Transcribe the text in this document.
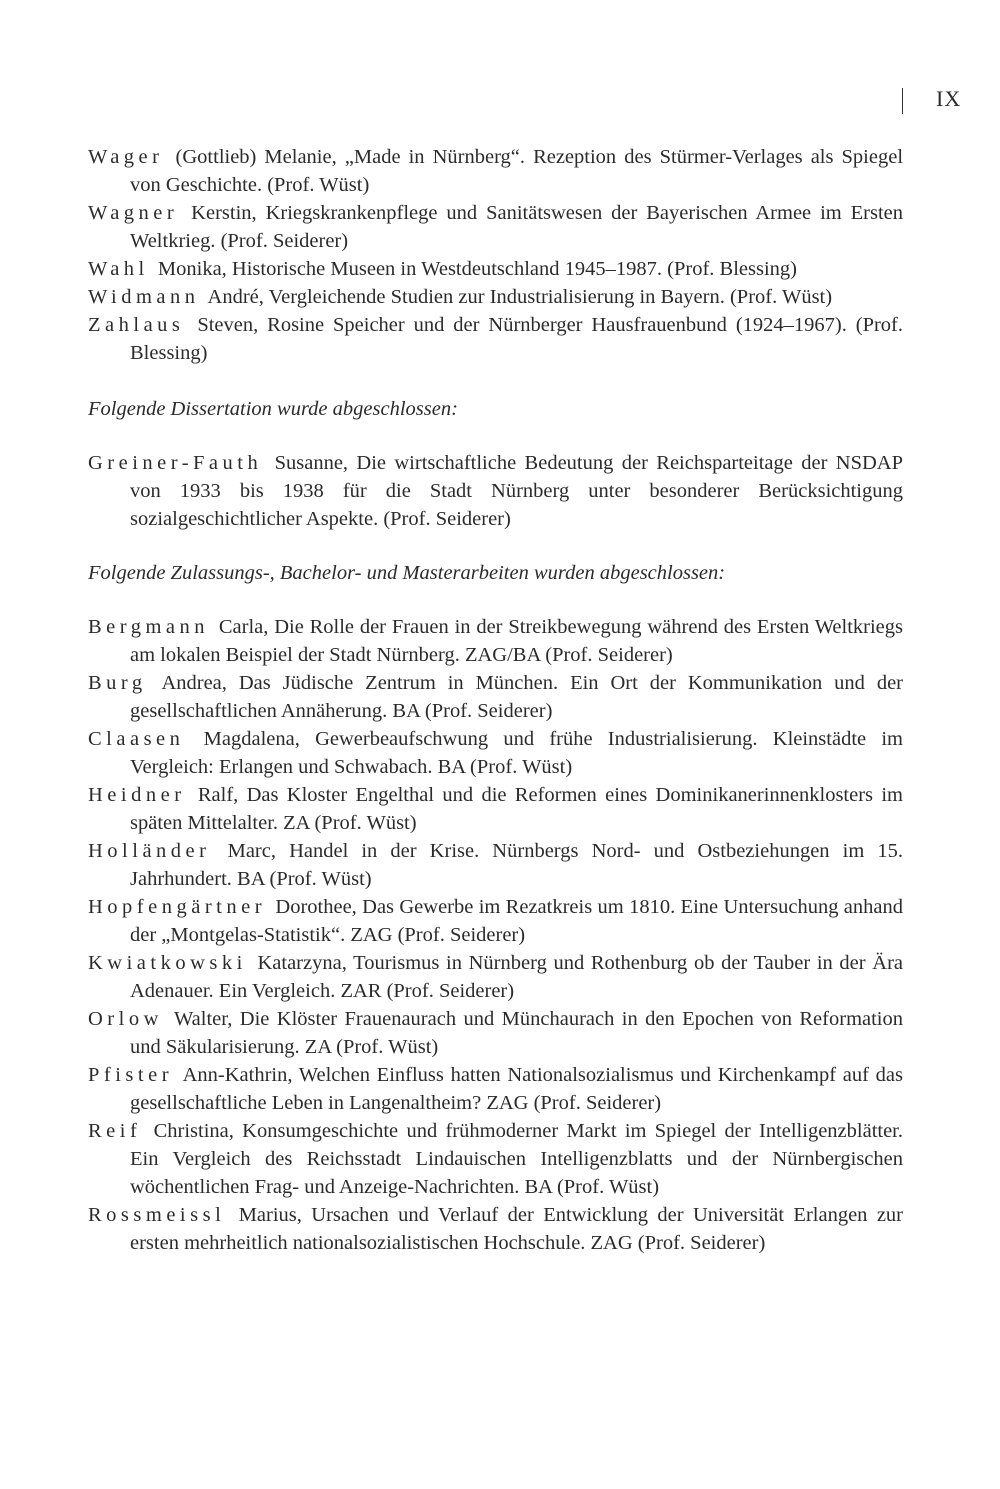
IX

Wager (Gottlieb) Melanie, „Made in Nürnberg“. Rezeption des Stürmer-Verlages als Spiegel von Geschichte. (Prof. Wüst)

Wagner Kerstin, Kriegskrankenpflege und Sanitätswesen der Bayerischen Armee im Ersten Weltkrieg. (Prof. Seiderer)

Wahl Monika, Historische Museen in Westdeutschland 1945–1987. (Prof. Blessing)

Widmann André, Vergleichende Studien zur Industrialisierung in Bayern. (Prof. Wüst)

Zahlaus Steven, Rosine Speicher und der Nürnberger Hausfrauenbund (1924–1967). (Prof. Blessing)

Folgende Dissertation wurde abgeschlossen:

Greiner-Fauth Susanne, Die wirtschaftliche Bedeutung der Reichsparteitage der NSDAP von 1933 bis 1938 für die Stadt Nürnberg unter besonderer Berücksichtigung sozialgeschichtlicher Aspekte. (Prof. Seiderer)

Folgende Zulassungs-, Bachelor- und Masterarbeiten wurden abgeschlossen:

Bergmann Carla, Die Rolle der Frauen in der Streikbewegung während des Ersten Weltkriegs am lokalen Beispiel der Stadt Nürnberg. ZAG/BA (Prof. Seiderer)

Burg Andrea, Das Jüdische Zentrum in München. Ein Ort der Kommunikation und der gesellschaftlichen Annäherung. BA (Prof. Seiderer)

Claasen Magdalena, Gewerbeaufschwung und frühe Industrialisierung. Kleinstädte im Vergleich: Erlangen und Schwabach. BA (Prof. Wüst)

Heidner Ralf, Das Kloster Engelthal und die Reformen eines Dominikanerinnenklosters im späten Mittelalter. ZA (Prof. Wüst)

Holländer Marc, Handel in der Krise. Nürnbergs Nord- und Ostbeziehungen im 15. Jahrhundert. BA (Prof. Wüst)

Hopfengärtner Dorothee, Das Gewerbe im Rezatkreis um 1810. Eine Untersuchung anhand der „Montgelas-Statistik“. ZAG (Prof. Seiderer)

Kwiatkowski Katarzyna, Tourismus in Nürnberg und Rothenburg ob der Tauber in der Ära Adenauer. Ein Vergleich. ZAR (Prof. Seiderer)

Orlow Walter, Die Klöster Frauenaurach und Münchaurach in den Epochen von Reformation und Säkularisierung. ZA (Prof. Wüst)

Pfister Ann-Kathrin, Welchen Einfluss hatten Nationalsozialismus und Kirchenkampf auf das gesellschaftliche Leben in Langenaltheim? ZAG (Prof. Seiderer)

Reif Christina, Konsumgeschichte und frühmoderner Markt im Spiegel der Intelligenzblätter. Ein Vergleich des Reichsstadt Lindauischen Intelligenzblatts und der Nürnbergischen wöchentlichen Frag- und Anzeige-Nachrichten. BA (Prof. Wüst)

Rossmeissl Marius, Ursachen und Verlauf der Entwicklung der Universität Erlangen zur ersten mehrheitlich nationalsozialistischen Hochschule. ZAG (Prof. Seiderer)
